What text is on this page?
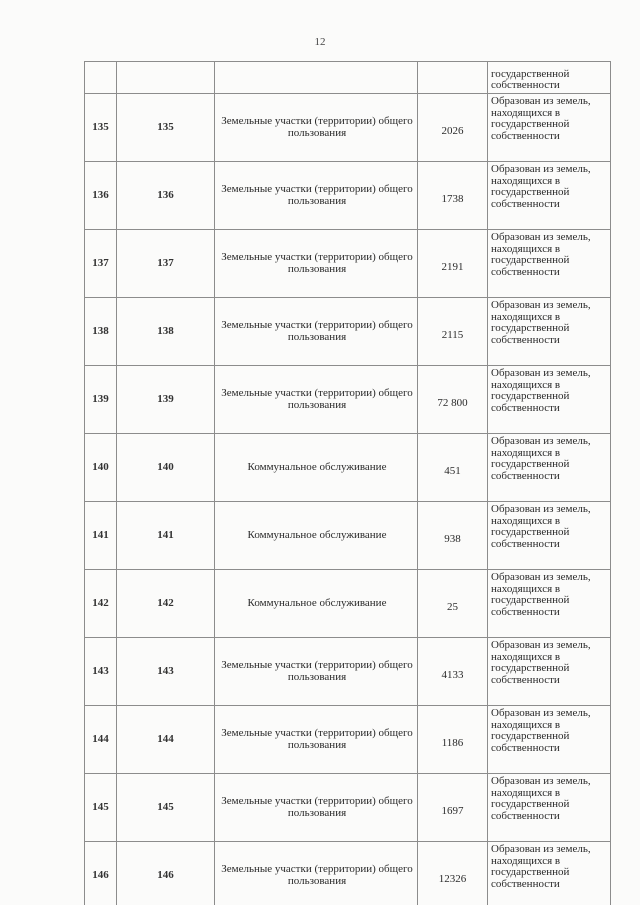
12
				государственной собственности
135	135	Земельные участки (территории) общего пользования	2026	Образован из земель, находящихся в государственной собственности
136	136	Земельные участки (территории) общего пользования	1738	Образован из земель, находящихся в государственной собственности
137	137	Земельные участки (территории) общего пользования	2191	Образован из земель, находящихся в государственной собственности
138	138	Земельные участки (территории) общего пользования	2115	Образован из земель, находящихся в государственной собственности
139	139	Земельные участки (территории) общего пользования	72 800	Образован из земель, находящихся в государственной собственности
140	140	Коммунальное обслуживание	451	Образован из земель, находящихся в государственной собственности
141	141	Коммунальное обслуживание	938	Образован из земель, находящихся в государственной собственности
142	142	Коммунальное обслуживание	25	Образован из земель, находящихся в государственной собственности
143	143	Земельные участки (территории) общего пользования	4133	Образован из земель, находящихся в государственной собственности
144	144	Земельные участки (территории) общего пользования	1186	Образован из земель, находящихся в государственной собственности
145	145	Земельные участки (территории) общего пользования	1697	Образован из земель, находящихся в государственной собственности
146	146	Земельные участки (территории) общего пользования	12326	Образован из земель, находящихся в государственной собственности
